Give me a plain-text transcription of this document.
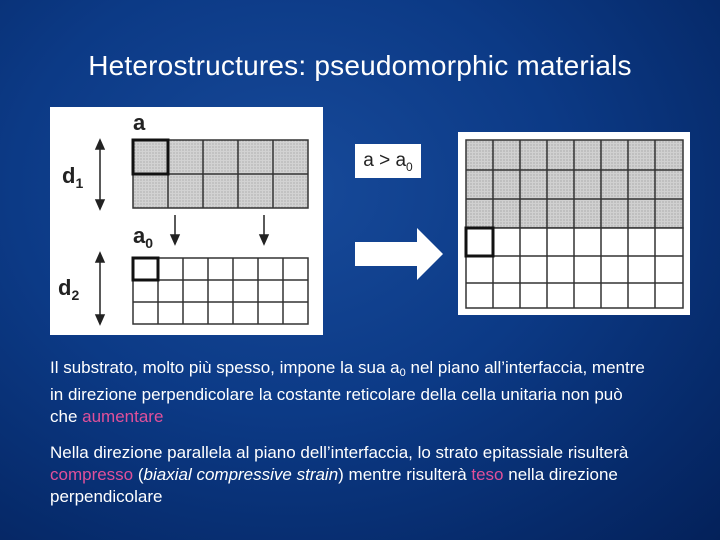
Heterostructures: pseudomorphic materials
a
$d_1$
$a_0$
$d_2$
$a > a_0$
Il substrato, molto più spesso, impone la sua a0 nel piano all’interfaccia, mentre in direzione perpendicolare la costante reticolare della cella unitaria non può che aumentare
Nella direzione parallela al piano dell’interfaccia, lo strato epitassiale risulterà compresso (biaxial compressive strain) mentre risulterà teso nella direzione perpendicolare
